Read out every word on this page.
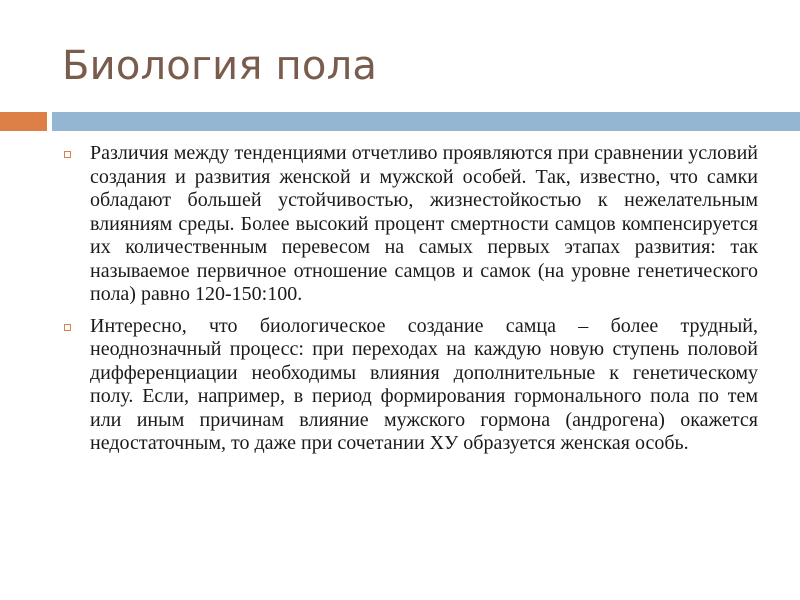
Биология пола
Различия между тенденциями отчетливо проявляются при сравнении условий создания и развития женской и мужской особей. Так, известно, что самки обладают большей устойчивостью, жизнестойкостью к нежелательным влияниям среды. Более высокий процент смертности самцов компенсируется их количественным перевесом на самых первых этапах развития: так называемое первичное отношение самцов и самок (на уровне генетического пола) равно 120-150:100.
Интересно, что биологическое создание самца – более трудный, неоднозначный процесс: при переходах на каждую новую ступень половой дифференциации необходимы влияния дополнительные к генетическому полу. Если, например, в период формирования гормонального пола по тем или иным причинам влияние мужского гормона (андрогена) окажется недостаточным, то даже при сочетании ХУ образуется женская особь.
